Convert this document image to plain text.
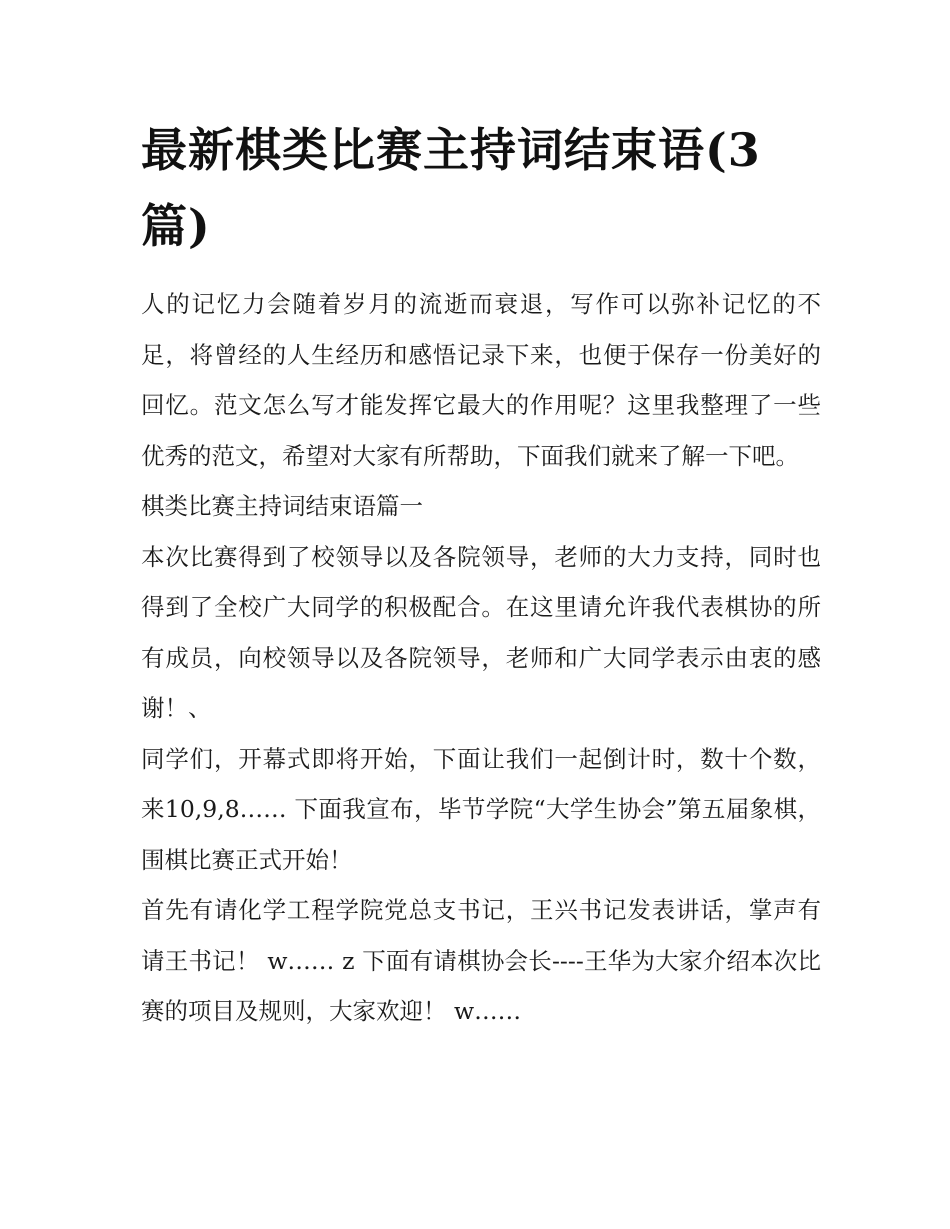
最新棋类比赛主持词结束语(3篇)

人的记忆力会随着岁月的流逝而衰退，写作可以弥补记忆的不足，将曾经的人生经历和感悟记录下来，也便于保存一份美好的回忆。范文怎么写才能发挥它最大的作用呢？这里我整理了一些优秀的范文，希望对大家有所帮助，下面我们就来了解一下吧。

棋类比赛主持词结束语篇一

本次比赛得到了校领导以及各院领导，老师的大力支持，同时也得到了全校广大同学的积极配合。在这里请允许我代表棋协的所有成员，向校领导以及各院领导，老师和广大同学表示由衷的感谢！、

同学们，开幕式即将开始，下面让我们一起倒计时，数十个数，来10,9,8…… 下面我宣布，毕节学院“大学生协会”第五届象棋，围棋比赛正式开始！

首先有请化学工程学院党总支书记，王兴书记发表讲话，掌声有请王书记！ w…… z 下面有请棋协会长----王华为大家介绍本次比赛的项目及规则，大家欢迎！ w……
